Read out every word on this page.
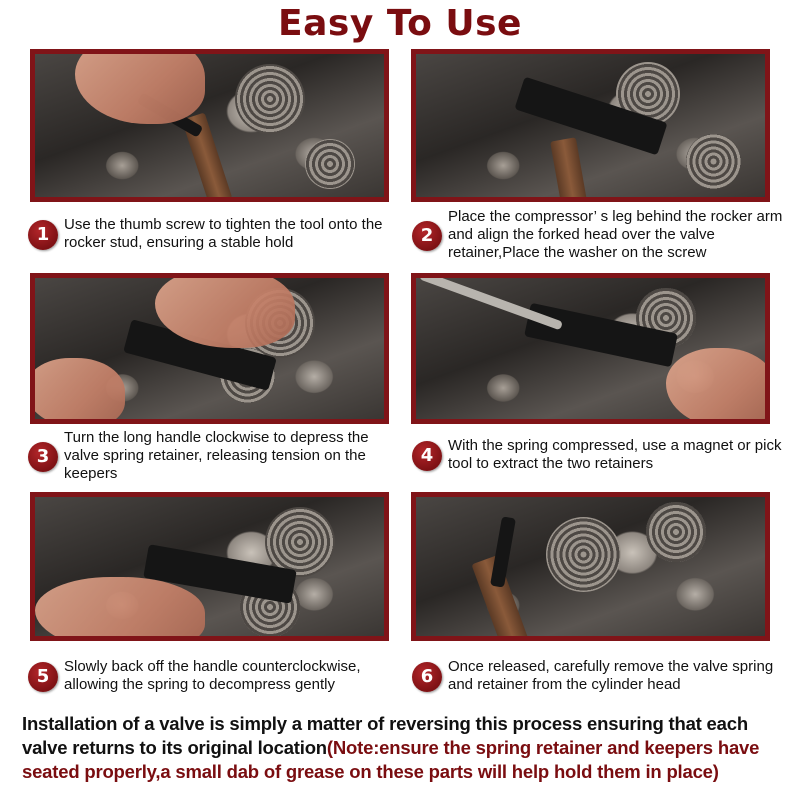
Easy To Use
1 Use the thumb screw to tighten the tool onto the rocker stud, ensuring a stable hold	2
Place the compressor’ s leg behind the rocker arm and align the forked head over the valve retainer,Place the washer on the screw
3
Turn the long handle clockwise to depress the valve spring retainer, releasing tension on the keepers
4 With the spring compressed, use a magnet or pick tool to extract the two retainers
5 Slowly back off the handle counterclockwise, allowing the spring to decompress gently	6 Once released, carefully remove the valve spring and retainer from the cylinder head
Installation of a valve is simply a matter of reversing this process ensuring that each valve returns to its original location(Note:ensure the spring retainer and keepers have seated properly,a small dab of grease on these parts will help hold them in place)
